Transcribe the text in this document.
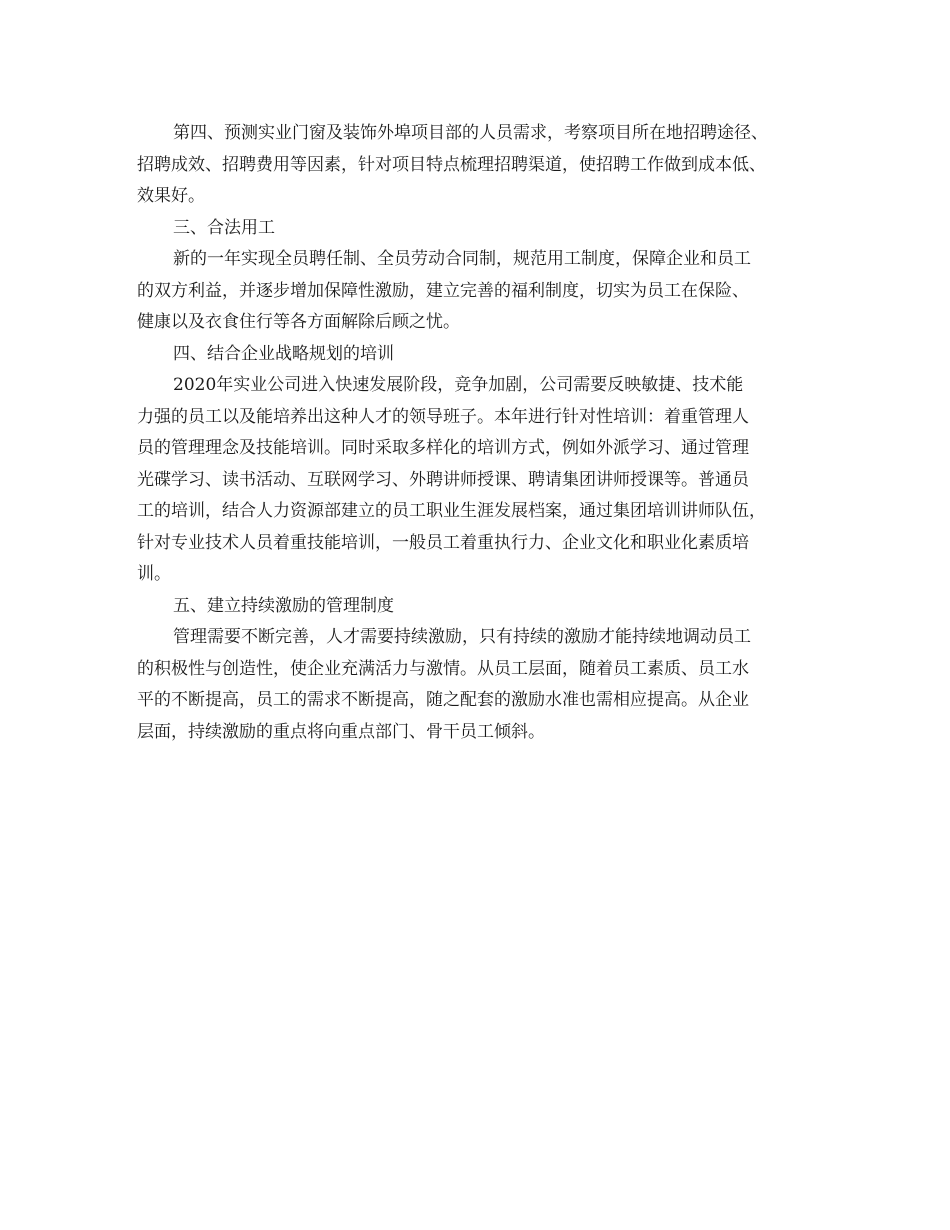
第四、预测实业门窗及装饰外埠项目部的人员需求，考察项目所在地招聘途径、
招聘成效、招聘费用等因素，针对项目特点梳理招聘渠道，使招聘工作做到成本低、
效果好。
三、合法用工
新的一年实现全员聘任制、全员劳动合同制，规范用工制度，保障企业和员工
的双方利益，并逐步增加保障性激励，建立完善的福利制度，切实为员工在保险、
健康以及衣食住行等各方面解除后顾之忧。
四、结合企业战略规划的培训
2020年实业公司进入快速发展阶段，竞争加剧，公司需要反映敏捷、技术能
力强的员工以及能培养出这种人才的领导班子。本年进行针对性培训：着重管理人
员的管理理念及技能培训。同时采取多样化的培训方式，例如外派学习、通过管理
光碟学习、读书活动、互联网学习、外聘讲师授课、聘请集团讲师授课等。普通员
工的培训，结合人力资源部建立的员工职业生涯发展档案，通过集团培训讲师队伍，
针对专业技术人员着重技能培训，一般员工着重执行力、企业文化和职业化素质培
训。
五、建立持续激励的管理制度
管理需要不断完善，人才需要持续激励，只有持续的激励才能持续地调动员工
的积极性与创造性，使企业充满活力与激情。从员工层面，随着员工素质、员工水
平的不断提高，员工的需求不断提高，随之配套的激励水准也需相应提高。从企业
层面，持续激励的重点将向重点部门、骨干员工倾斜。
